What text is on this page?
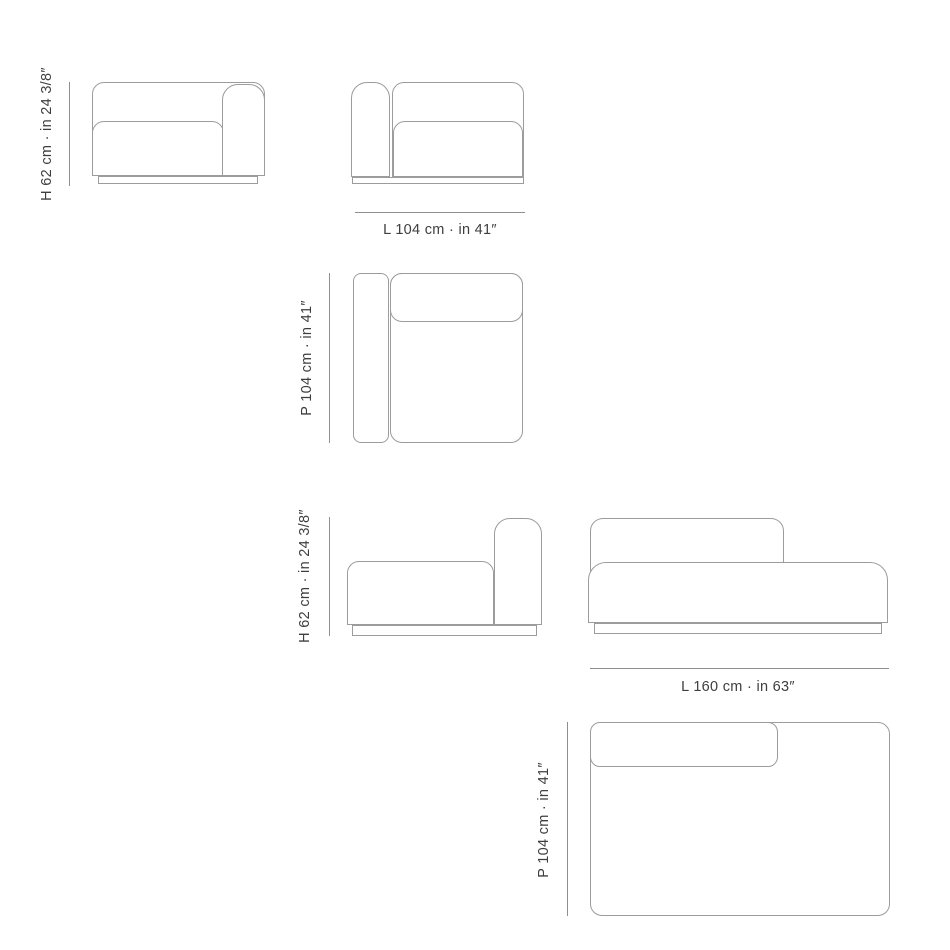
H 62 cm · in 24 3/8″
L 104 cm · in 41″
P 104 cm · in 41″
H 62 cm · in 24 3/8″
L 160 cm · in 63″
P 104 cm · in 41″
